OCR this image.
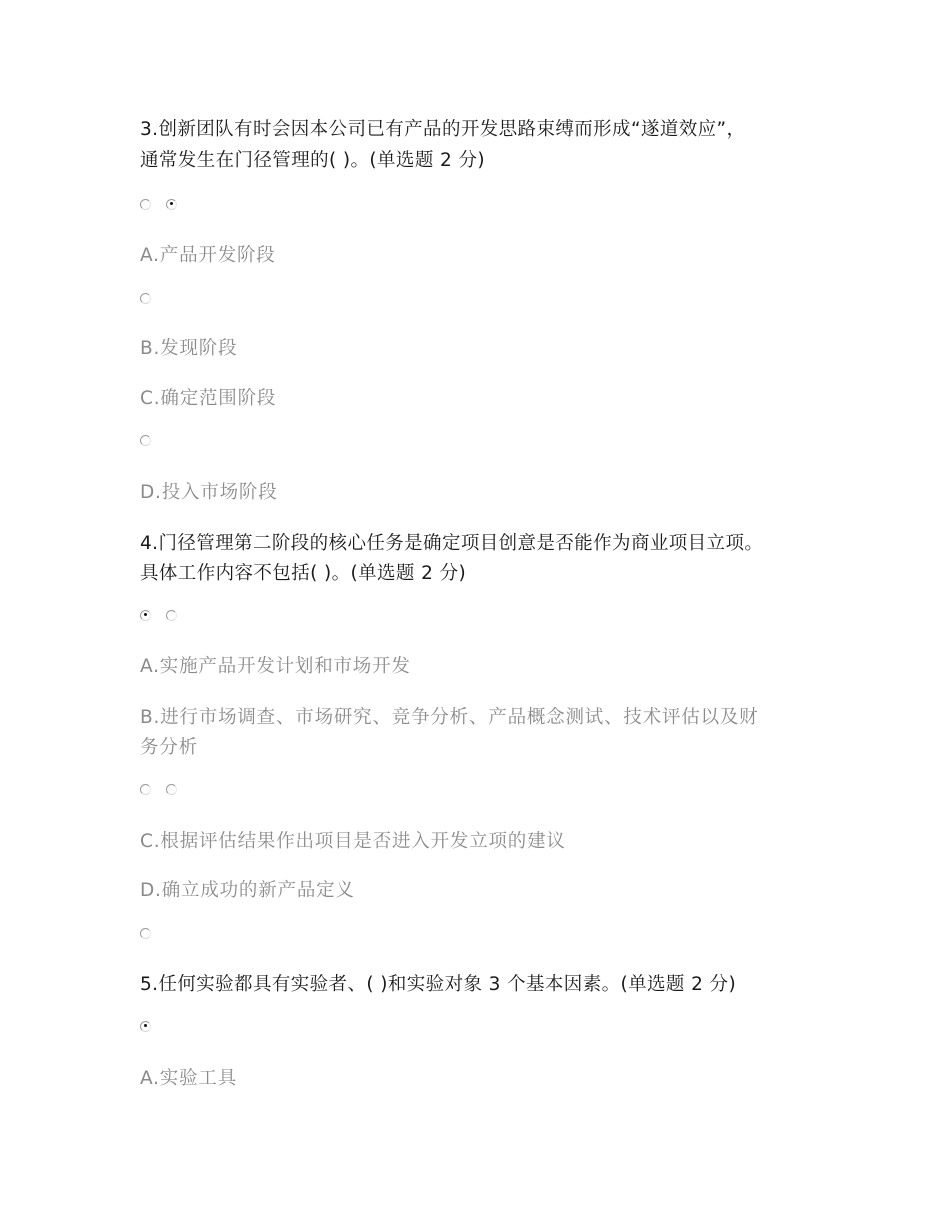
3.创新团队有时会因本公司已有产品的开发思路束缚而形成“遂道效应”，
通常发生在门径管理的( )。(单选题 2 分)
A.产品开发阶段
B.发现阶段
C.确定范围阶段
D.投入市场阶段
4.门径管理第二阶段的核心任务是确定项目创意是否能作为商业项目立项。
具体工作内容不包括( )。(单选题 2 分)
A.实施产品开发计划和市场开发
B.进行市场调查、市场研究、竞争分析、产品概念测试、技术评估以及财
务分析
C.根据评估结果作出项目是否进入开发立项的建议
D.确立成功的新产品定义
5.任何实验都具有实验者、( )和实验对象 3 个基本因素。(单选题 2 分)
A.实验工具
